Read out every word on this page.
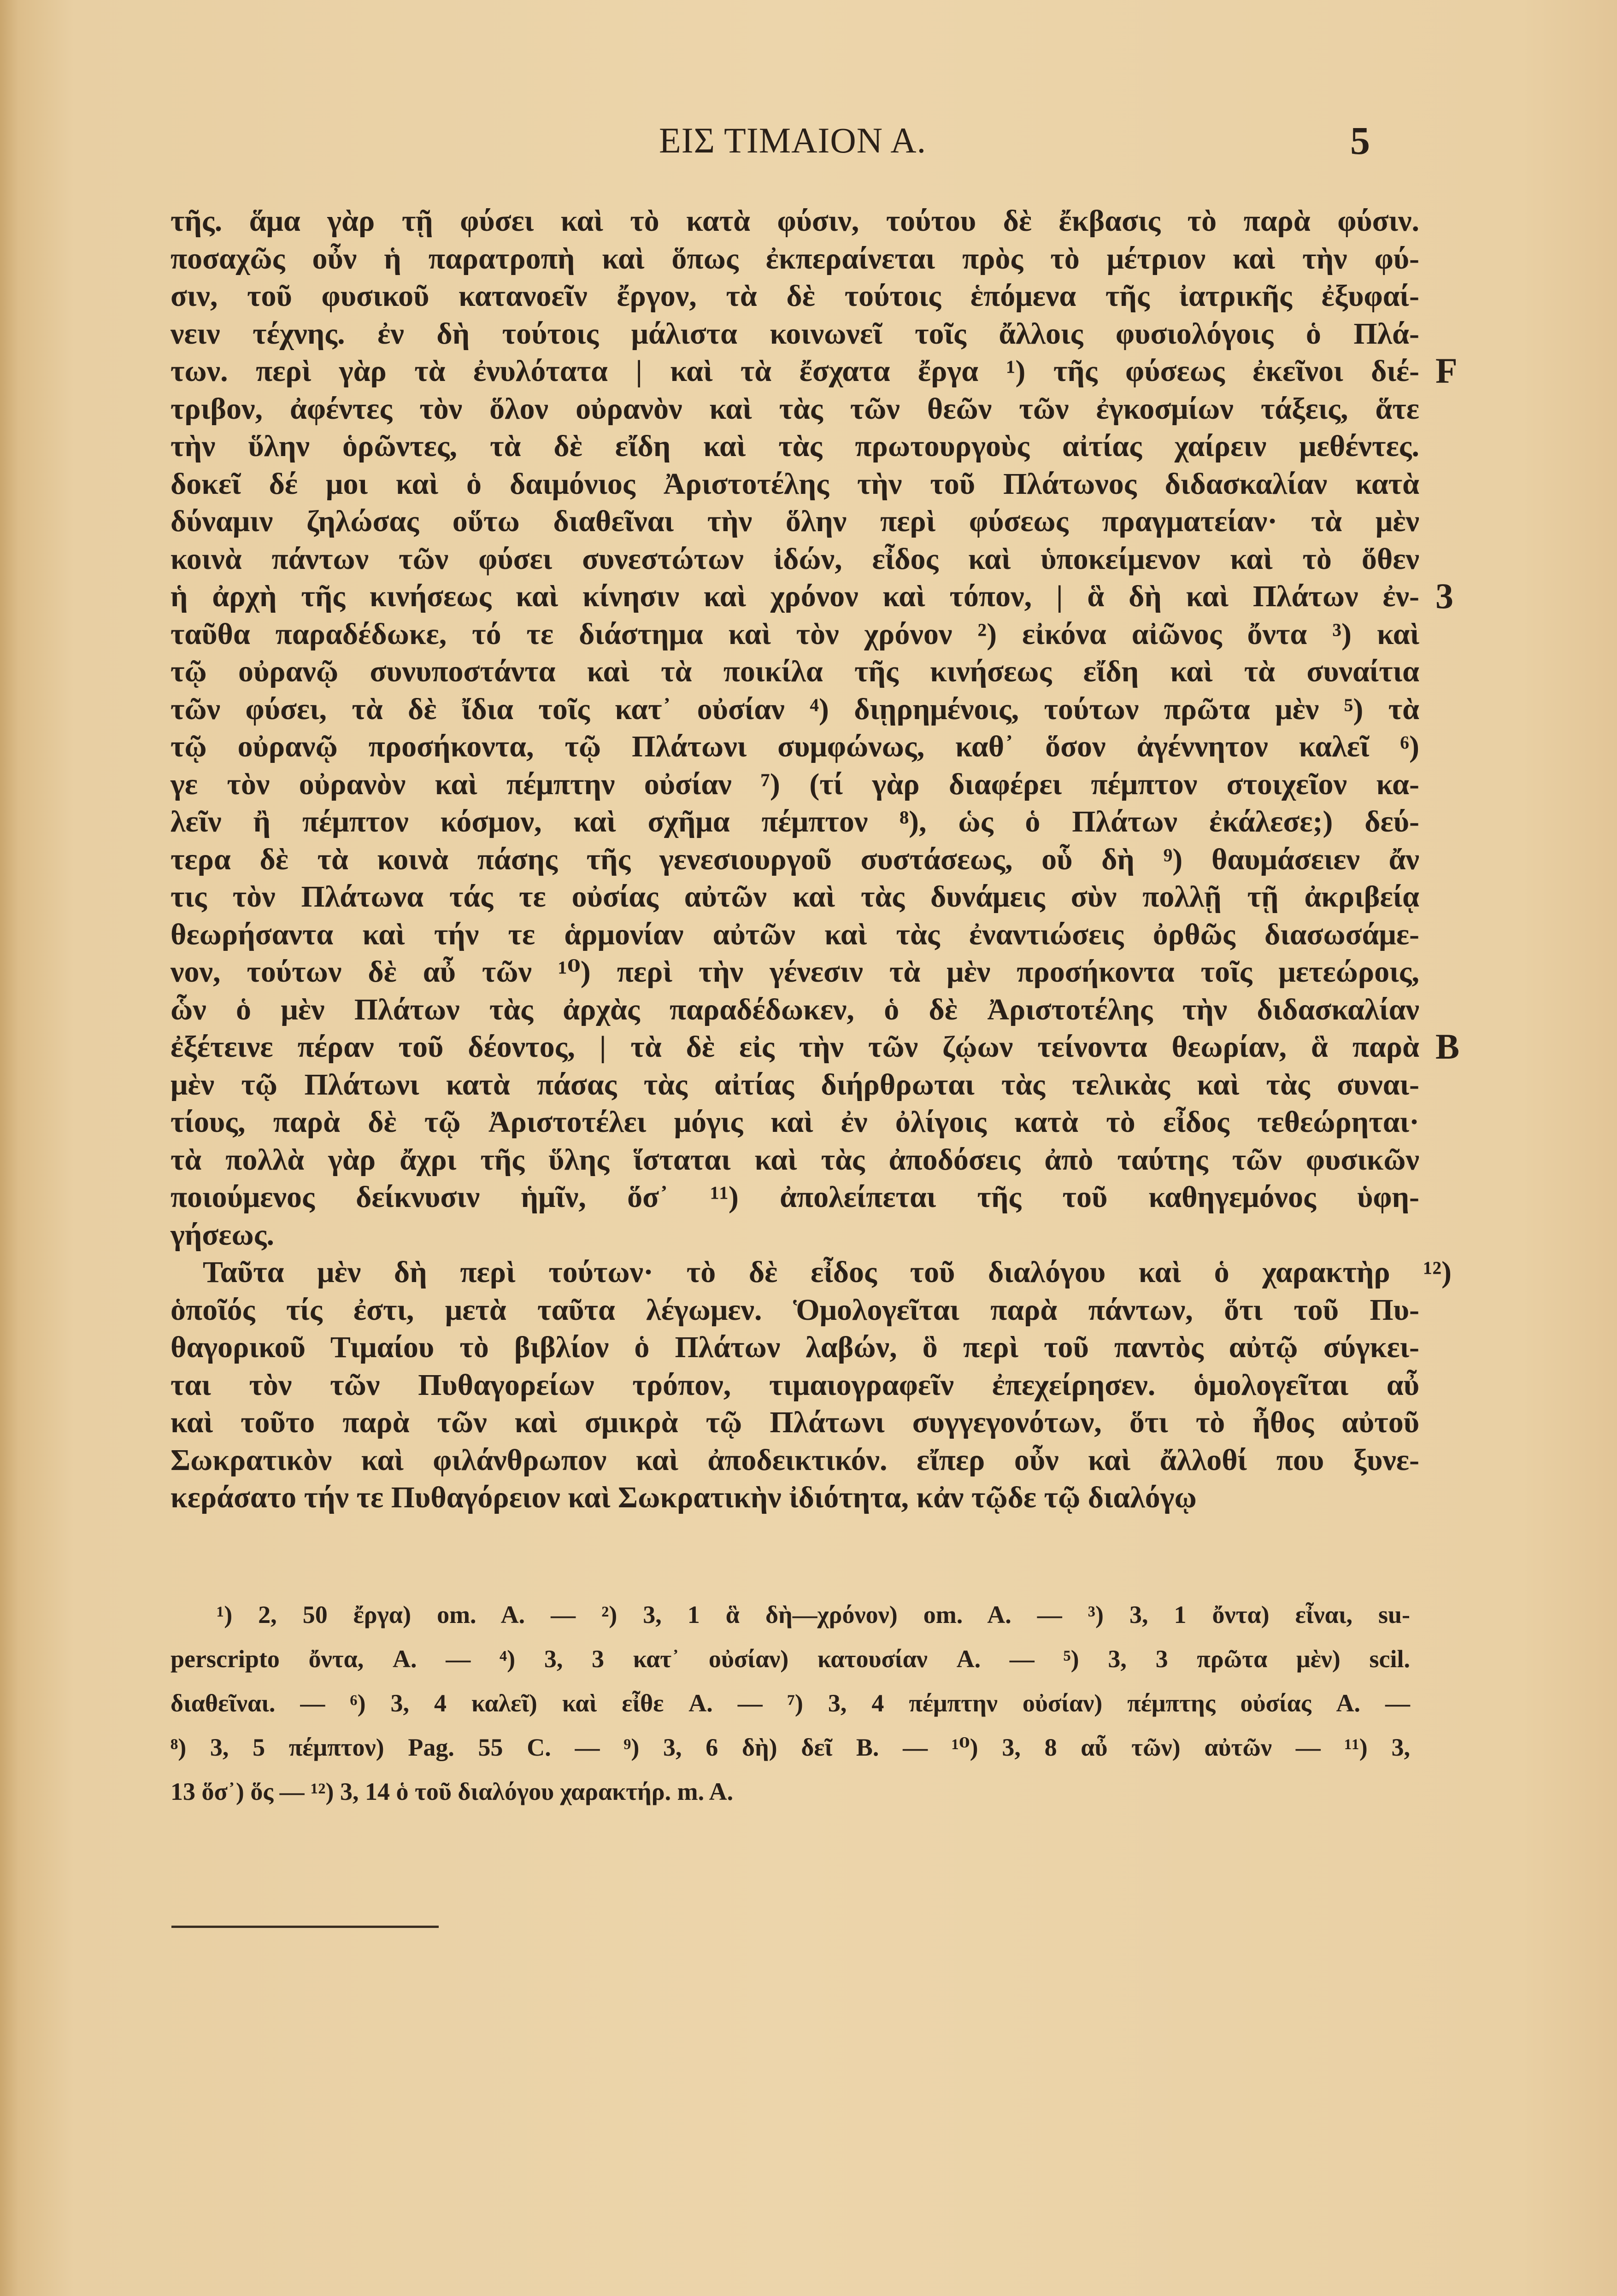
ΕΙΣ ΤΙΜΑΙΟΝ Α.	5
τῆς. ἅμα γὰρ τῇ φύσει καὶ τὸ κατὰ φύσιν, τούτου δὲ ἔκβασις τὸ παρὰ φύσιν.
ποσαχῶς οὖν ἡ παρατροπὴ καὶ ὅπως ἐκπεραίνεται πρὸς τὸ μέτριον καὶ τὴν φύ-
σιν, τοῦ φυσικοῦ κατανοεῖν ἔργον, τὰ δὲ τούτοις ἑπόμενα τῆς ἰατρικῆς ἐξυφαί-
νειν τέχνης. ἐν δὴ τούτοις μάλιστα κοινωνεῖ τοῖς ἄλλοις φυσιολόγοις ὁ Πλά-
των. περὶ γὰρ τὰ ἐνυλότατα | καὶ τὰ ἔσχατα ἔργα ¹) τῆς φύσεως ἐκεῖνοι διέ-
τριβον, ἀφέντες τὸν ὅλον οὐρανὸν καὶ τὰς τῶν θεῶν τῶν ἐγκοσμίων τάξεις, ἅτε
τὴν ὕλην ὁρῶντες, τὰ δὲ εἴδη καὶ τὰς πρωτουργοὺς αἰτίας χαίρειν μεθέντες.
δοκεῖ δέ μοι καὶ ὁ δαιμόνιος Ἀριστοτέλης τὴν τοῦ Πλάτωνος διδασκαλίαν κατὰ
δύναμιν ζηλώσας οὕτω διαθεῖναι τὴν ὅλην περὶ φύσεως πραγματείαν· τὰ μὲν
κοινὰ πάντων τῶν φύσει συνεστώτων ἰδών, εἶδος καὶ ὑποκείμενον καὶ τὸ ὅθεν
ἡ ἀρχὴ τῆς κινήσεως καὶ κίνησιν καὶ χρόνον καὶ τόπον, | ἃ δὴ καὶ Πλάτων ἐν-
ταῦθα παραδέδωκε, τό τε διάστημα καὶ τὸν χρόνον ²) εἰκόνα αἰῶνος ὄντα ³) καὶ
τῷ οὐρανῷ συνυποστάντα καὶ τὰ ποικίλα τῆς κινήσεως εἴδη καὶ τὰ συναίτια
τῶν φύσει, τὰ δὲ ἴδια τοῖς κατ᾽ οὐσίαν ⁴) διῃρημένοις, τούτων πρῶτα μὲν ⁵) τὰ
τῷ οὐρανῷ προσήκοντα, τῷ Πλάτωνι συμφώνως, καθ᾽ ὅσον ἀγέννητον καλεῖ ⁶)
γε τὸν οὐρανὸν καὶ πέμπτην οὐσίαν ⁷) (τί γὰρ διαφέρει πέμπτον στοιχεῖον κα-
λεῖν ἢ πέμπτον κόσμον, καὶ σχῆμα πέμπτον ⁸), ὡς ὁ Πλάτων ἐκάλεσε;) δεύ-
τερα δὲ τὰ κοινὰ πάσης τῆς γενεσιουργοῦ συστάσεως, οὗ δὴ ⁹) θαυμάσειεν ἄν
τις τὸν Πλάτωνα τάς τε οὐσίας αὐτῶν καὶ τὰς δυνάμεις σὺν πολλῇ τῇ ἀκριβείᾳ
θεωρήσαντα καὶ τήν τε ἁρμονίαν αὐτῶν καὶ τὰς ἐναντιώσεις ὀρθῶς διασωσάμε-
νον, τούτων δὲ αὖ τῶν ¹⁰) περὶ τὴν γένεσιν τὰ μὲν προσήκοντα τοῖς μετεώροις,
ὧν ὁ μὲν Πλάτων τὰς ἀρχὰς παραδέδωκεν, ὁ δὲ Ἀριστοτέλης τὴν διδασκαλίαν
ἐξέτεινε πέραν τοῦ δέοντος, | τὰ δὲ εἰς τὴν τῶν ζῴων τείνοντα θεωρίαν, ἃ παρὰ
μὲν τῷ Πλάτωνι κατὰ πάσας τὰς αἰτίας διήρθρωται τὰς τελικὰς καὶ τὰς συναι-
τίους, παρὰ δὲ τῷ Ἀριστοτέλει μόγις καὶ ἐν ὀλίγοις κατὰ τὸ εἶδος τεθεώρηται·
τὰ πολλὰ γὰρ ἄχρι τῆς ὕλης ἵσταται καὶ τὰς ἀποδόσεις ἀπὸ ταύτης τῶν φυσικῶν
ποιούμενος δείκνυσιν ἡμῖν, ὅσ᾽ ¹¹) ἀπολείπεται τῆς τοῦ καθηγεμόνος ὑφη-
γήσεως.
Ταῦτα μὲν δὴ περὶ τούτων· τὸ δὲ εἶδος τοῦ διαλόγου καὶ ὁ χαρακτὴρ ¹²)
ὁποῖός τίς ἐστι, μετὰ ταῦτα λέγωμεν. Ὁμολογεῖται παρὰ πάντων, ὅτι τοῦ Πυ-
θαγορικοῦ Τιμαίου τὸ βιβλίον ὁ Πλάτων λαβών, ὃ περὶ τοῦ παντὸς αὐτῷ σύγκει-
ται τὸν τῶν Πυθαγορείων τρόπον, τιμαιογραφεῖν ἐπεχείρησεν. ὁμολογεῖται αὖ
καὶ τοῦτο παρὰ τῶν καὶ σμικρὰ τῷ Πλάτωνι συγγεγονότων, ὅτι τὸ ἦθος αὐτοῦ
Σωκρατικὸν καὶ φιλάνθρωπον καὶ ἀποδεικτικόν. εἴπερ οὖν καὶ ἄλλοθί που ξυνε-
κεράσατο τήν τε Πυθαγόρειον καὶ Σωκρατικὴν ἰδιότητα, κἀν τῷδε τῷ διαλόγῳ
¹) 2, 50 ἔργα) om. A. — ²) 3, 1 ἃ δὴ—χρόνον) om. A. — ³) 3, 1 ὄντα) εἶναι, su-
perscripto ὄντα, A. — ⁴) 3, 3 κατ᾽ οὐσίαν) κατουσίαν A. — ⁵) 3, 3 πρῶτα μὲν) scil.
διαθεῖναι. — ⁶) 3, 4 καλεῖ) καὶ εἶθε A. — ⁷) 3, 4 πέμπτην οὐσίαν) πέμπτης οὐσίας A. —
⁸) 3, 5 πέμπτον) Pag. 55 C. — ⁹) 3, 6 δὴ) δεῖ B. — ¹⁰) 3, 8 αὖ τῶν) αὐτῶν — ¹¹) 3,
13 ὅσ᾽) ὅς — ¹²) 3, 14 ὁ τοῦ διαλόγου χαρακτήρ. m. A.
F
3
B
